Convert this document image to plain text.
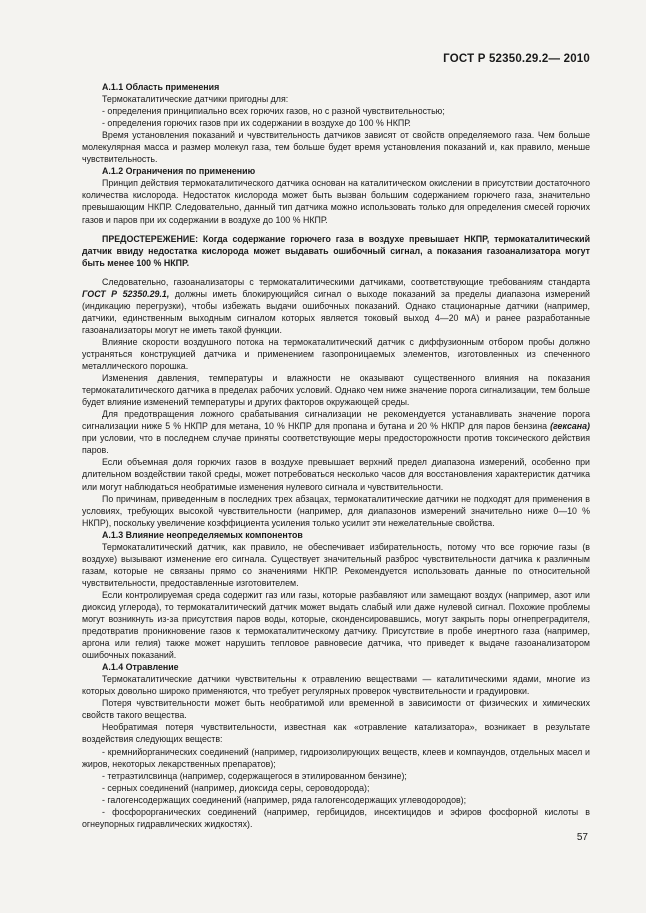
ГОСТ Р 52350.29.2— 2010

А.1.1 Область применения

Термокаталитические датчики пригодны для:

- определения принципиально всех горючих газов, но с разной чувствительностью;

- определения горючих газов при их содержании в воздухе до 100 % НКПР.

Время установления показаний и чувствительность датчиков зависят от свойств определяемого газа. Чем больше молекулярная масса и размер молекул газа, тем больше будет время установления показаний и, как правило, меньше чувствительность.

А.1.2 Ограничения по применению

Принцип действия термокаталитического датчика основан на каталитическом окислении в присутствии достаточного количества кислорода. Недостаток кислорода может быть вызван большим содержанием горючего газа, значительно превышающим НКПР. Следовательно, данный тип датчика можно использовать только для определения смесей горючих газов и паров при их содержании в воздухе до 100 % НКПР.

ПРЕДОСТЕРЕЖЕНИЕ: Когда содержание горючего газа в воздухе превышает НКПР, термокаталитический датчик ввиду недостатка кислорода может выдавать ошибочный сигнал, а показания газоанализатора могут быть менее 100 % НКПР.

Следовательно, газоанализаторы с термокаталитическими датчиками, соответствующие требованиям стандарта ГОСТ Р 52350.29.1, должны иметь блокирующийся сигнал о выходе показаний за пределы диапазона измерений (индикацию перегрузки), чтобы избежать выдачи ошибочных показаний. Однако стационарные датчики (например, датчики, единственным выходным сигналом которых является токовый выход 4—20 мА) и ранее разработанные газоанализаторы могут не иметь такой функции.

Влияние скорости воздушного потока на термокаталитический датчик с диффузионным отбором пробы должно устраняться конструкцией датчика и применением газопроницаемых элементов, изготовленных из спеченного металлического порошка.

Изменения давления, температуры и влажности не оказывают существенного влияния на показания термокаталитического датчика в пределах рабочих условий. Однако чем ниже значение порога сигнализации, тем больше будет влияние изменений температуры и других факторов окружающей среды.

Для предотвращения ложного срабатывания сигнализации не рекомендуется устанавливать значение порога сигнализации ниже 5 % НКПР для метана, 10 % НКПР для пропана и бутана и 20 % НКПР для паров бензина (гексана) при условии, что в последнем случае приняты соответствующие меры предосторожности против токсического действия паров.

Если объемная доля горючих газов в воздухе превышает верхний предел диапазона измерений, особенно при длительном воздействии такой среды, может потребоваться несколько часов для восстановления характеристик датчика или могут наблюдаться необратимые изменения нулевого сигнала и чувствительности.

По причинам, приведенным в последних трех абзацах, термокаталитические датчики не подходят для применения в условиях, требующих высокой чувствительности (например, для диапазонов измерений значительно ниже 0—10 % НКПР), поскольку увеличение коэффициента усиления только усилит эти нежелательные свойства.

А.1.3 Влияние неопределяемых компонентов

Термокаталитический датчик, как правило, не обеспечивает избирательность, потому что все горючие газы (в воздухе) вызывают изменение его сигнала. Существует значительный разброс чувствительности датчика к различным газам, которые не связаны прямо со значениями НКПР. Рекомендуется использовать данные по относительной чувствительности, предоставленные изготовителем.

Если контролируемая среда содержит газ или газы, которые разбавляют или замещают воздух (например, азот или диоксид углерода), то термокаталитический датчик может выдать слабый или даже нулевой сигнал. Похожие проблемы могут возникнуть из-за присутствия паров воды, которые, сконденсировавшись, могут закрыть поры огнепреградителя, предотвратив проникновение газов к термокаталитическому датчику. Присутствие в пробе инертного газа (например, аргона или гелия) также может нарушить тепловое равновесие датчика, что приведет к выдаче газоанализатором ошибочных показаний.

А.1.4 Отравление

Термокаталитические датчики чувствительны к отравлению веществами — каталитическими ядами, многие из которых довольно широко применяются, что требует регулярных проверок чувствительности и градуировки.

Потеря чувствительности может быть необратимой или временной в зависимости от физических и химических свойств такого вещества.

Необратимая потеря чувствительности, известная как «отравление катализатора», возникает в результате воздействия следующих веществ:

- кремнийорганических соединений (например, гидроизолирующих веществ, клеев и компаундов, отдельных масел и жиров, некоторых лекарственных препаратов);

- тетраэтилсвинца (например, содержащегося в этилированном бензине);

- серных соединений (например, диоксида серы, сероводорода);

- галогенсодержащих соединений (например, ряда галогенсодержащих углеводородов);

- фосфорорганических соединений (например, гербицидов, инсектицидов и эфиров фосфорной кислоты в огнеупорных гидравлических жидкостях).

57
